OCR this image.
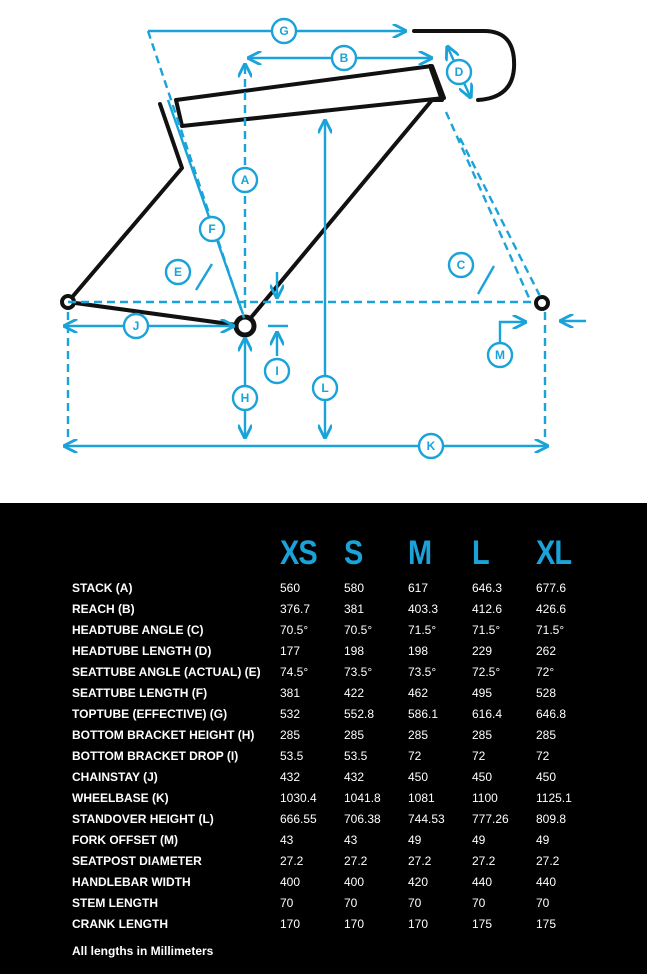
G
B
D
A
F
E	C
J
I
H
L
M
K
XS S M L XL
STACK (A)	560	580	617	646.3	677.6
REACH (B)	376.7	381	403.3	412.6	426.6
HEADTUBE ANGLE (C)	70.5°	70.5°	71.5°	71.5°	71.5°
HEADTUBE LENGTH (D)	177	198	198	229	262
SEATTUBE ANGLE (ACTUAL) (E) 74.5°	73.5°	73.5°	72.5°	72°
SEATTUBE LENGTH (F)	381	422	462	495	528
TOPTUBE (EFFECTIVE) (G)	532	552.8	586.1	616.4	646.8
BOTTOM BRACKET HEIGHT (H) 285	285	285	285	285
BOTTOM BRACKET DROP (I)	53.5	53.5	72	72	72
CHAINSTAY (J)	432	432	450	450	450
WHEELBASE (K)	1030.4 1041.8 1081	1100	1125.1
STANDOVER HEIGHT (L)	666.55 706.38 744.53 777.26 809.8
FORK OFFSET (M)	43	43	49	49	49
SEATPOST DIAMETER	27.2	27.2	27.2	27.2	27.2
HANDLEBAR WIDTH	400	400	420	440	440
STEM LENGTH	70	70	70	70	70
CRANK LENGTH	170	170	170	175	175
All lengths in Millimeters
